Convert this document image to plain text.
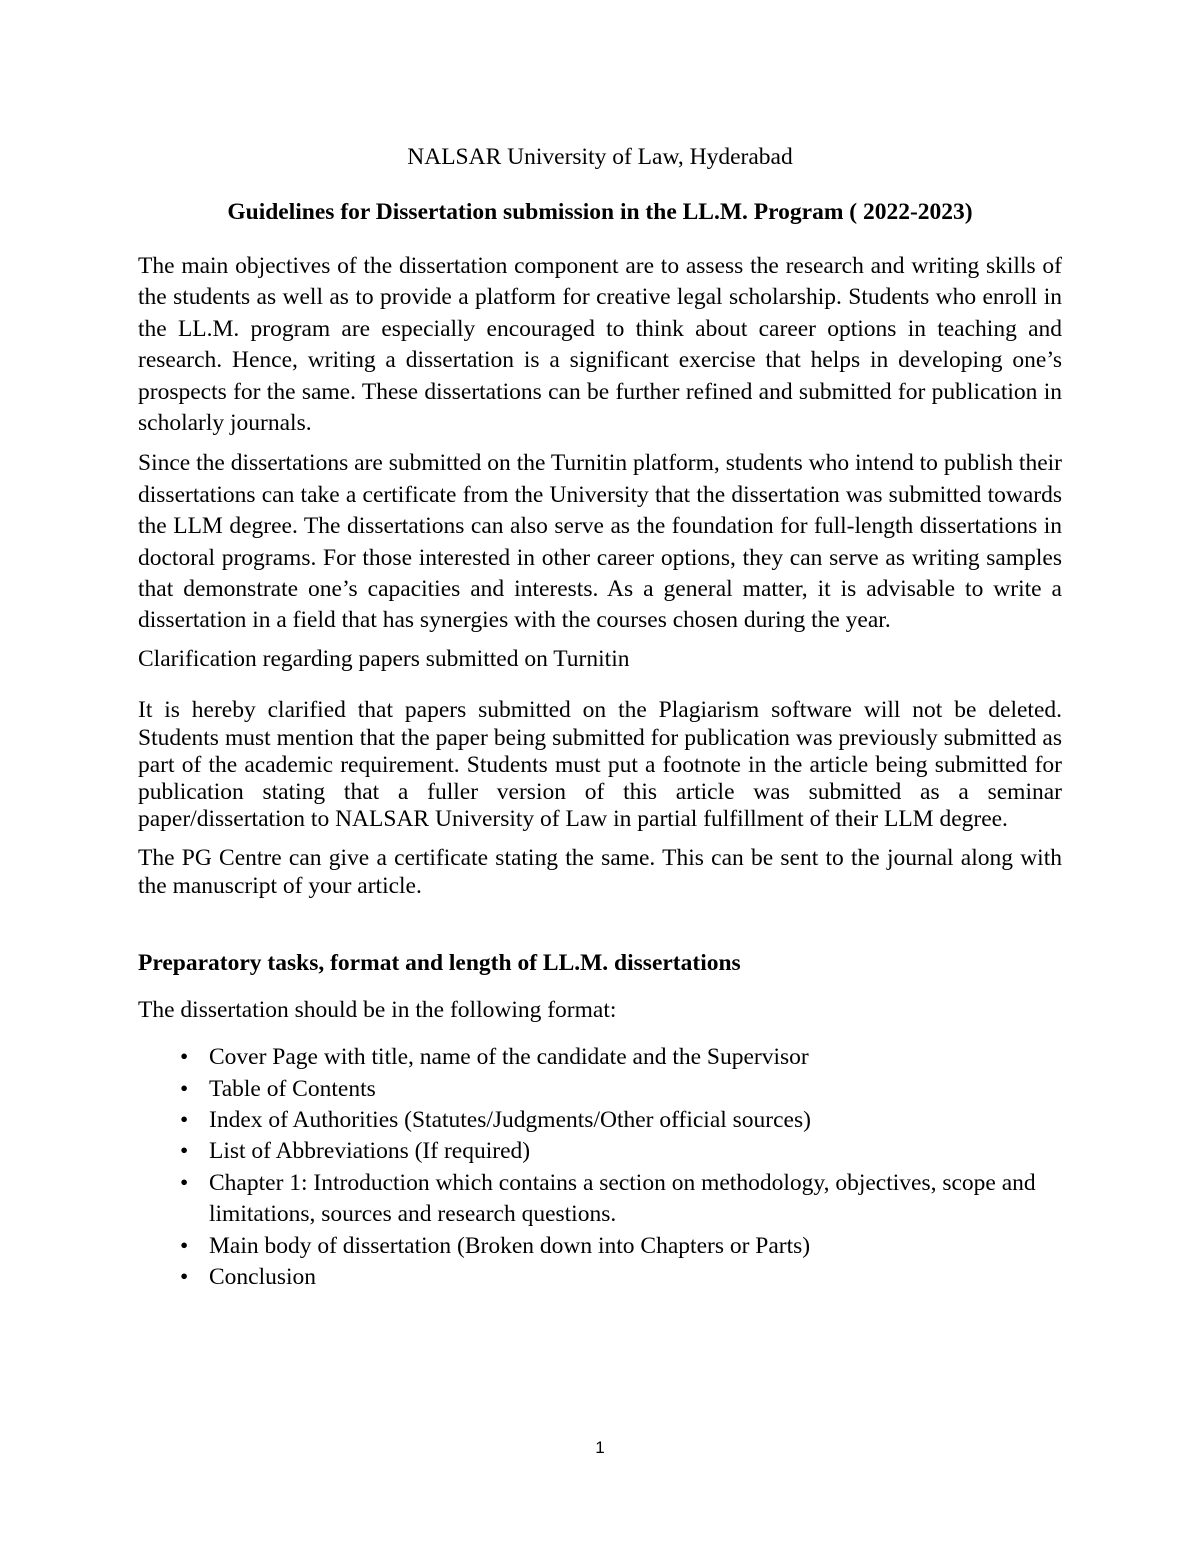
NALSAR University of Law, Hyderabad
Guidelines for Dissertation submission in the LL.M. Program ( 2022-2023)

The main objectives of the dissertation component are to assess the research and writing skills of the students as well as to provide a platform for creative legal scholarship. Students who enroll in the LL.M. program are especially encouraged to think about career options in teaching and research. Hence, writing a dissertation is a significant exercise that helps in developing one’s prospects for the same. These dissertations can be further refined and submitted for publication in scholarly journals.

Since the dissertations are submitted on the Turnitin platform, students who intend to publish their dissertations can take a certificate from the University that the dissertation was submitted towards the LLM degree. The dissertations can also serve as the foundation for full-length dissertations in doctoral programs. For those interested in other career options, they can serve as writing samples that demonstrate one’s capacities and interests. As a general matter, it is advisable to write a dissertation in a field that has synergies with the courses chosen during the year.

Clarification regarding papers submitted on Turnitin

It is hereby clarified that papers submitted on the Plagiarism software will not be deleted. Students must mention that the paper being submitted for publication was previously submitted as part of the academic requirement. Students must put a footnote in the article being submitted for publication stating that a fuller version of this article was submitted as a seminar paper/dissertation to NALSAR University of Law in partial fulfillment of their LLM degree.

The PG Centre can give a certificate stating the same. This can be sent to the journal along with the manuscript of your article.

Preparatory tasks, format and length of LL.M. dissertations

The dissertation should be in the following format:

• Cover Page with title, name of the candidate and the Supervisor
• Table of Contents
• Index of Authorities (Statutes/Judgments/Other official sources)
• List of Abbreviations (If required)
• Chapter 1: Introduction which contains a section on methodology, objectives, scope and limitations, sources and research questions.
• Main body of dissertation (Broken down into Chapters or Parts)
• Conclusion
1
